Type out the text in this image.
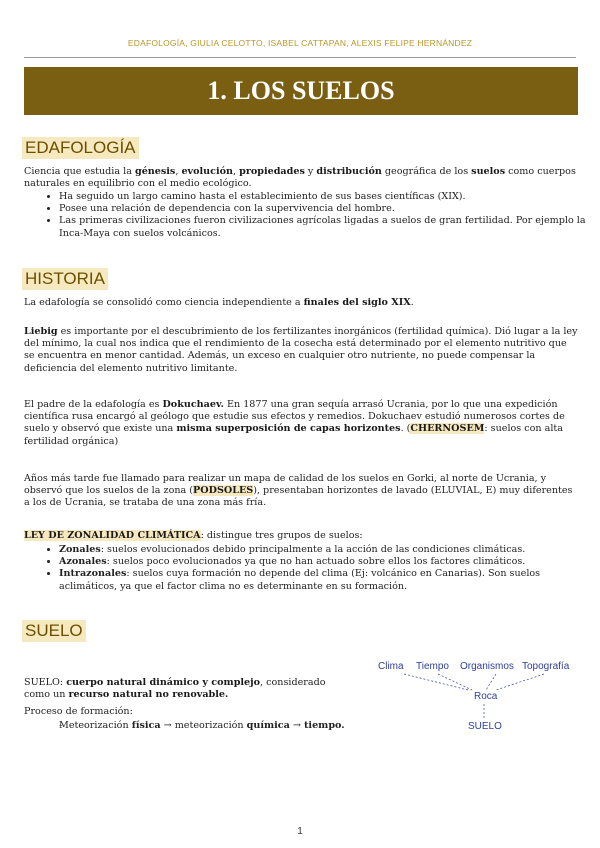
EDAFOLOGÍA, GIULIA CELOTTO, ISABEL CATTAPAN, ALEXIS FELIPE HERNÁNDEZ
1. LOS SUELOS
EDAFOLOGÍA
Ciencia que estudia la génesis, evolución, propiedades y distribución geográfica de los suelos como cuerpos naturales en equilibrio con el medio ecológico.
• Ha seguido un largo camino hasta el establecimiento de sus bases científicas (XIX).
• Posee una relación de dependencia con la supervivencia del hombre.
• Las primeras civilizaciones fueron civilizaciones agrícolas ligadas a suelos de gran fertilidad. Por ejemplo la Inca-Maya con suelos volcánicos.
HISTORIA
La edafología se consolidó como ciencia independiente a finales del siglo XIX.
Liebig es importante por el descubrimiento de los fertilizantes inorgánicos (fertilidad química). Dió lugar a la ley del mínimo, la cual nos indica que el rendimiento de la cosecha está determinado por el elemento nutritivo que se encuentra en menor cantidad. Además, un exceso en cualquier otro nutriente, no puede compensar la deficiencia del elemento nutritivo limitante.
El padre de la edafología es Dokuchaev. En 1877 una gran sequía arrasó Ucrania, por lo que una expedición científica rusa encargó al geólogo que estudie sus efectos y remedios. Dokuchaev estudió numerosos cortes de suelo y observó que existe una misma superposición de capas horizontes. (CHERNOSEM: suelos con alta fertilidad orgánica)
Años más tarde fue llamado para realizar un mapa de calidad de los suelos en Gorki, al norte de Ucrania, y observó que los suelos de la zona (PODSOLES), presentaban horizontes de lavado (ELUVIAL, E) muy diferentes a los de Ucrania, se trataba de una zona más fría.
LEY DE ZONALIDAD CLIMÁTICA: distingue tres grupos de suelos:
• Zonales: suelos evolucionados debido principalmente a la acción de las condiciones climáticas.
• Azonales: suelos poco evolucionados ya que no han actuado sobre ellos los factores climáticos.
• Intrazonales: suelos cuya formación no depende del clima (Ej: volcánico en Canarias). Son suelos aclimáticos, ya que el factor clima no es determinante en su formación.
SUELO
SUELO: cuerpo natural dinámico y complejo, considerado como un recurso natural no renovable.
Proceso de formación:
- Meteorización física → meteorización química → tiempo.
Clima Tiempo Organismos Topografía
Roca
SUELO
1
